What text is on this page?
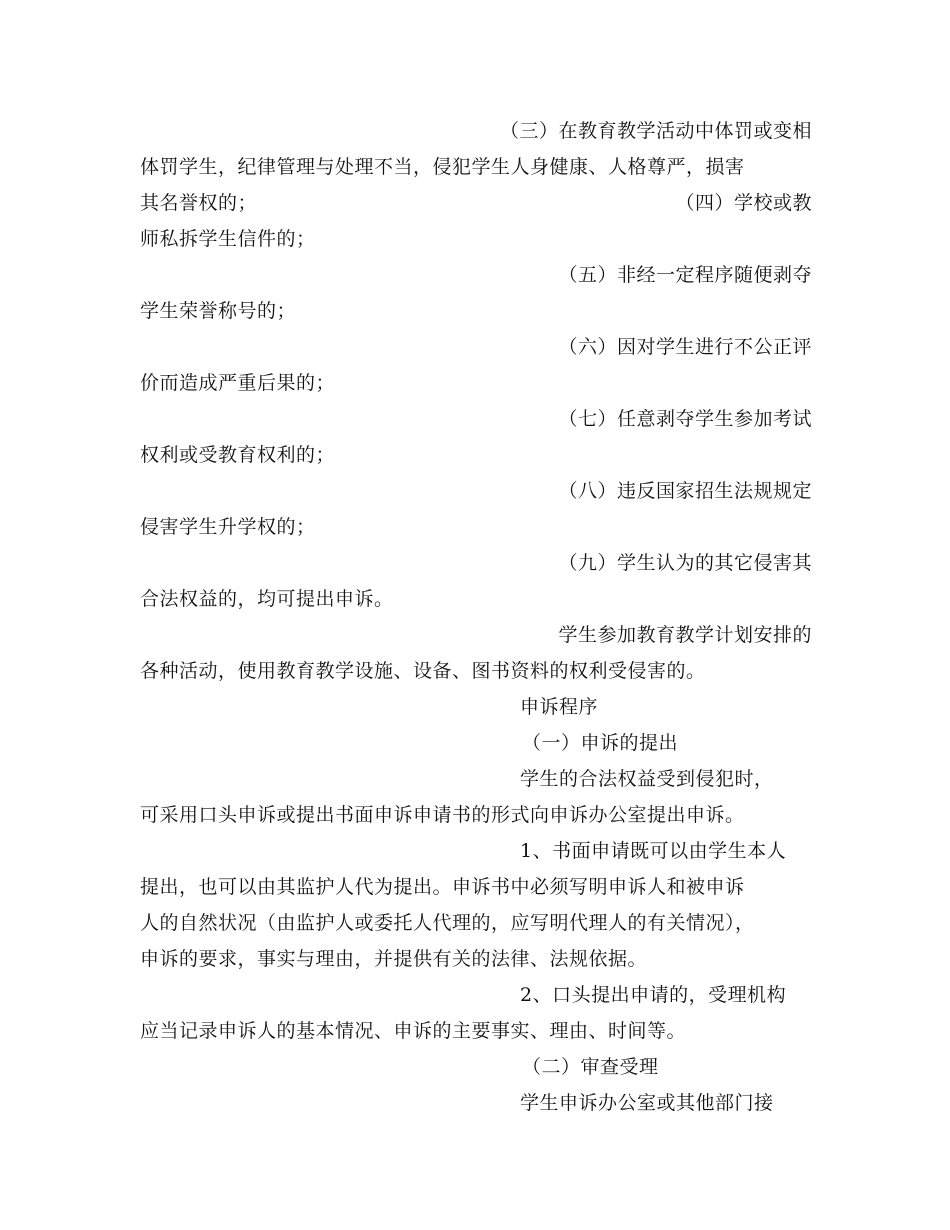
（三）在教育教学活动中体罚或变相
体罚学生，纪律管理与处理不当，侵犯学生人身健康、人格尊严，损害
其名誉权的；	（四）学校或教
师私拆学生信件的；
（五）非经一定程序随便剥夺
学生荣誉称号的；
（六）因对学生进行不公正评
价而造成严重后果的；
（七）任意剥夺学生参加考试
权利或受教育权利的；
（八）违反国家招生法规规定
侵害学生升学权的；
（九）学生认为的其它侵害其
合法权益的，均可提出申诉。
学生参加教育教学计划安排的
各种活动，使用教育教学设施、设备、图书资料的权利受侵害的。
申诉程序
（一）申诉的提出
学生的合法权益受到侵犯时，
可采用口头申诉或提出书面申诉申请书的形式向申诉办公室提出申诉。
1、书面申请既可以由学生本人
提出，也可以由其监护人代为提出。申诉书中必须写明申诉人和被申诉
人的自然状况（由监护人或委托人代理的，应写明代理人的有关情况），
申诉的要求，事实与理由，并提供有关的法律、法规依据。
2、口头提出申请的，受理机构
应当记录申诉人的基本情况、申诉的主要事实、理由、时间等。
（二）审查受理
学生申诉办公室或其他部门接
